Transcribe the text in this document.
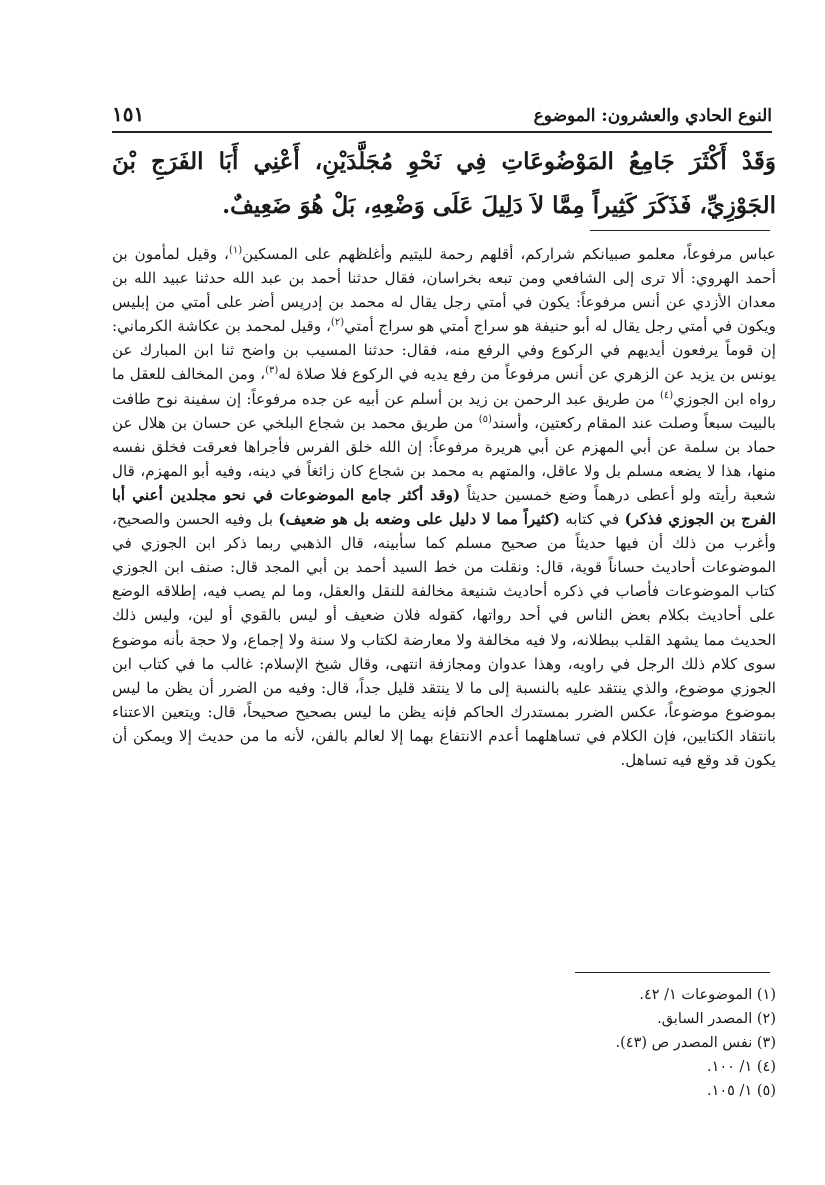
١٥١	النوع الحادي والعشرون: الموضوع
وَقَدْ أَكْثَرَ جَامِعُ المَوْضُوعَاتِ فِي نَحْوِ مُجَلَّدَيْنِ، أَعْنِي أَبَا الفَرَجِ بْنَ الجَوْزِيِّ، فَذَكَرَ كَثِيراً مِمَّا لاَ دَلِيلَ عَلَى وَضْعِهِ، بَلْ هُوَ ضَعِيفٌ.
عباس مرفوعاً، معلمو صبيانكم شراركم، أقلهم رحمة لليتيم وأغلظهم على المسكين$^{(١)}$، وقيل لمأمون بن أحمد الهروي: ألا ترى إلى الشافعي ومن تبعه بخراسان، فقال حدثنا أحمد بن عبد الله حدثنا عبيد الله بن معدان الأزدي عن أنس مرفوعاً: يكون في أمتي رجل يقال له محمد بن إدريس أضر على أمتي من إبليس ويكون في أمتي رجل يقال له أبو حنيفة هو سراج أمتي هو سراج أمتي$^{(٢)}$، وقيل لمحمد بن عكاشة الكرماني: إن قوماً يرفعون أيديهم في الركوع وفي الرفع منه، فقال: حدثنا المسيب بن واضح ثنا ابن المبارك عن يونس بن يزيد عن الزهري عن أنس مرفوعاً من رفع يديه في الركوع فلا صلاة له$^{(٣)}$، ومن المخالف للعقل ما رواه ابن الجوزي$^{(٤)}$ من طريق عبد الرحمن بن زيد بن أسلم عن أبيه عن جده مرفوعاً: إن سفينة نوح طافت بالبيت سبعاً وصلت عند المقام ركعتين، وأسند$^{(٥)}$ من طريق محمد بن شجاع البلخي عن حسان بن هلال عن حماد بن سلمة عن أبي المهزم عن أبي هريرة مرفوعاً: إن الله خلق الفرس فأجراها فعرقت فخلق نفسه منها، هذا لا يضعه مسلم بل ولا عاقل، والمتهم به محمد بن شجاع كان زائغاً في دينه، وفيه أبو المهزم، قال شعبة رأيته ولو أعطى درهماً وضع خمسين حديثاً (وقد أكثر جامع الموضوعات في نحو مجلدين أعني أبا الفرج بن الجوزي فذكر) في كتابه (كثيراً مما لا دليل على وضعه بل هو ضعيف) بل وفيه الحسن والصحيح، وأغرب من ذلك أن فيها حديثاً من صحيح مسلم كما سأبينه، قال الذهبي ربما ذكر ابن الجوزي في الموضوعات أحاديث حساناً قوية، قال: ونقلت من خط السيد أحمد بن أبي المجد قال: صنف ابن الجوزي كتاب الموضوعات فأصاب في ذكره أحاديث شنيعة مخالفة للنقل والعقل، وما لم يصب فيه، إطلاقه الوضع على أحاديث بكلام بعض الناس في أحد رواتها، كقوله فلان ضعيف أو ليس بالقوي أو لين، وليس ذلك الحديث مما يشهد القلب ببطلانه، ولا فيه مخالفة ولا معارضة لكتاب ولا سنة ولا إجماع، ولا حجة بأنه موضوع سوى كلام ذلك الرجل في راويه، وهذا عدوان ومجازفة انتهى، وقال شيخ الإسلام: غالب ما في كتاب ابن الجوزي موضوع، والذي ينتقد عليه بالنسبة إلى ما لا ينتقد قليل جداً، قال: وفيه من الضرر أن يظن ما ليس بموضوع موضوعاً، عكس الضرر بمستدرك الحاكم فإنه يظن ما ليس بصحيح صحيحاً، قال: ويتعين الاعتناء بانتقاد الكتابين، فإن الكلام في تساهلهما أعدم الانتفاع بهما إلا لعالم بالفن، لأنه ما من حديث إلا ويمكن أن يكون قد وقع فيه تساهل.
(١) الموضوعات ١/ ٤٢.
(٢) المصدر السابق.
(٣) نفس المصدر ص (٤٣).
(٤) ١/ ١٠٠.
(٥) ١/ ١٠٥.
